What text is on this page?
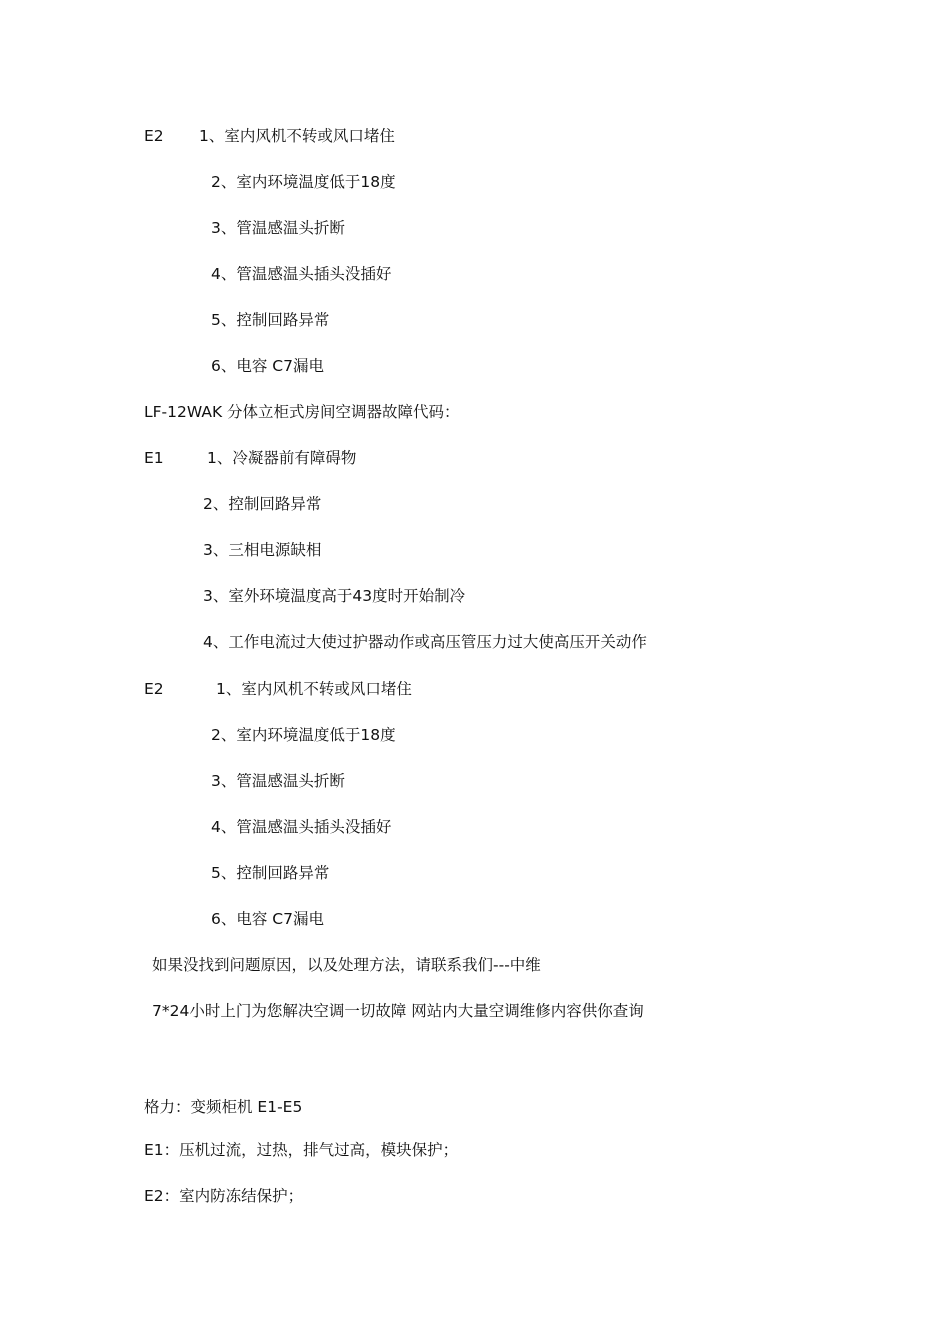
E2 1、室内风机不转或风口堵住
2、室内环境温度低于18度
3、管温感温头折断
4、管温感温头插头没插好
5、控制回路异常
6、电容 C7漏电
LF-12WAK 分体立柜式房间空调器故障代码：
E1	1、冷凝器前有障碍物
2、控制回路异常
3、三相电源缺相
3、室外环境温度高于43度时开始制冷
4、工作电流过大使过护器动作或高压管压力过大使高压开关动作
E2	1、室内风机不转或风口堵住
2、室内环境温度低于18度
3、管温感温头折断
4、管温感温头插头没插好
5、控制回路异常
6、电容 C7漏电
如果没找到问题原因，以及处理方法，请联系我们---中维
7*24小时上门为您解决空调一切故障 网站内大量空调维修内容供你查询
格力：变频柜机 E1-E5
E1：压机过流，过热，排气过高，模块保护；
E2：室内防冻结保护；
